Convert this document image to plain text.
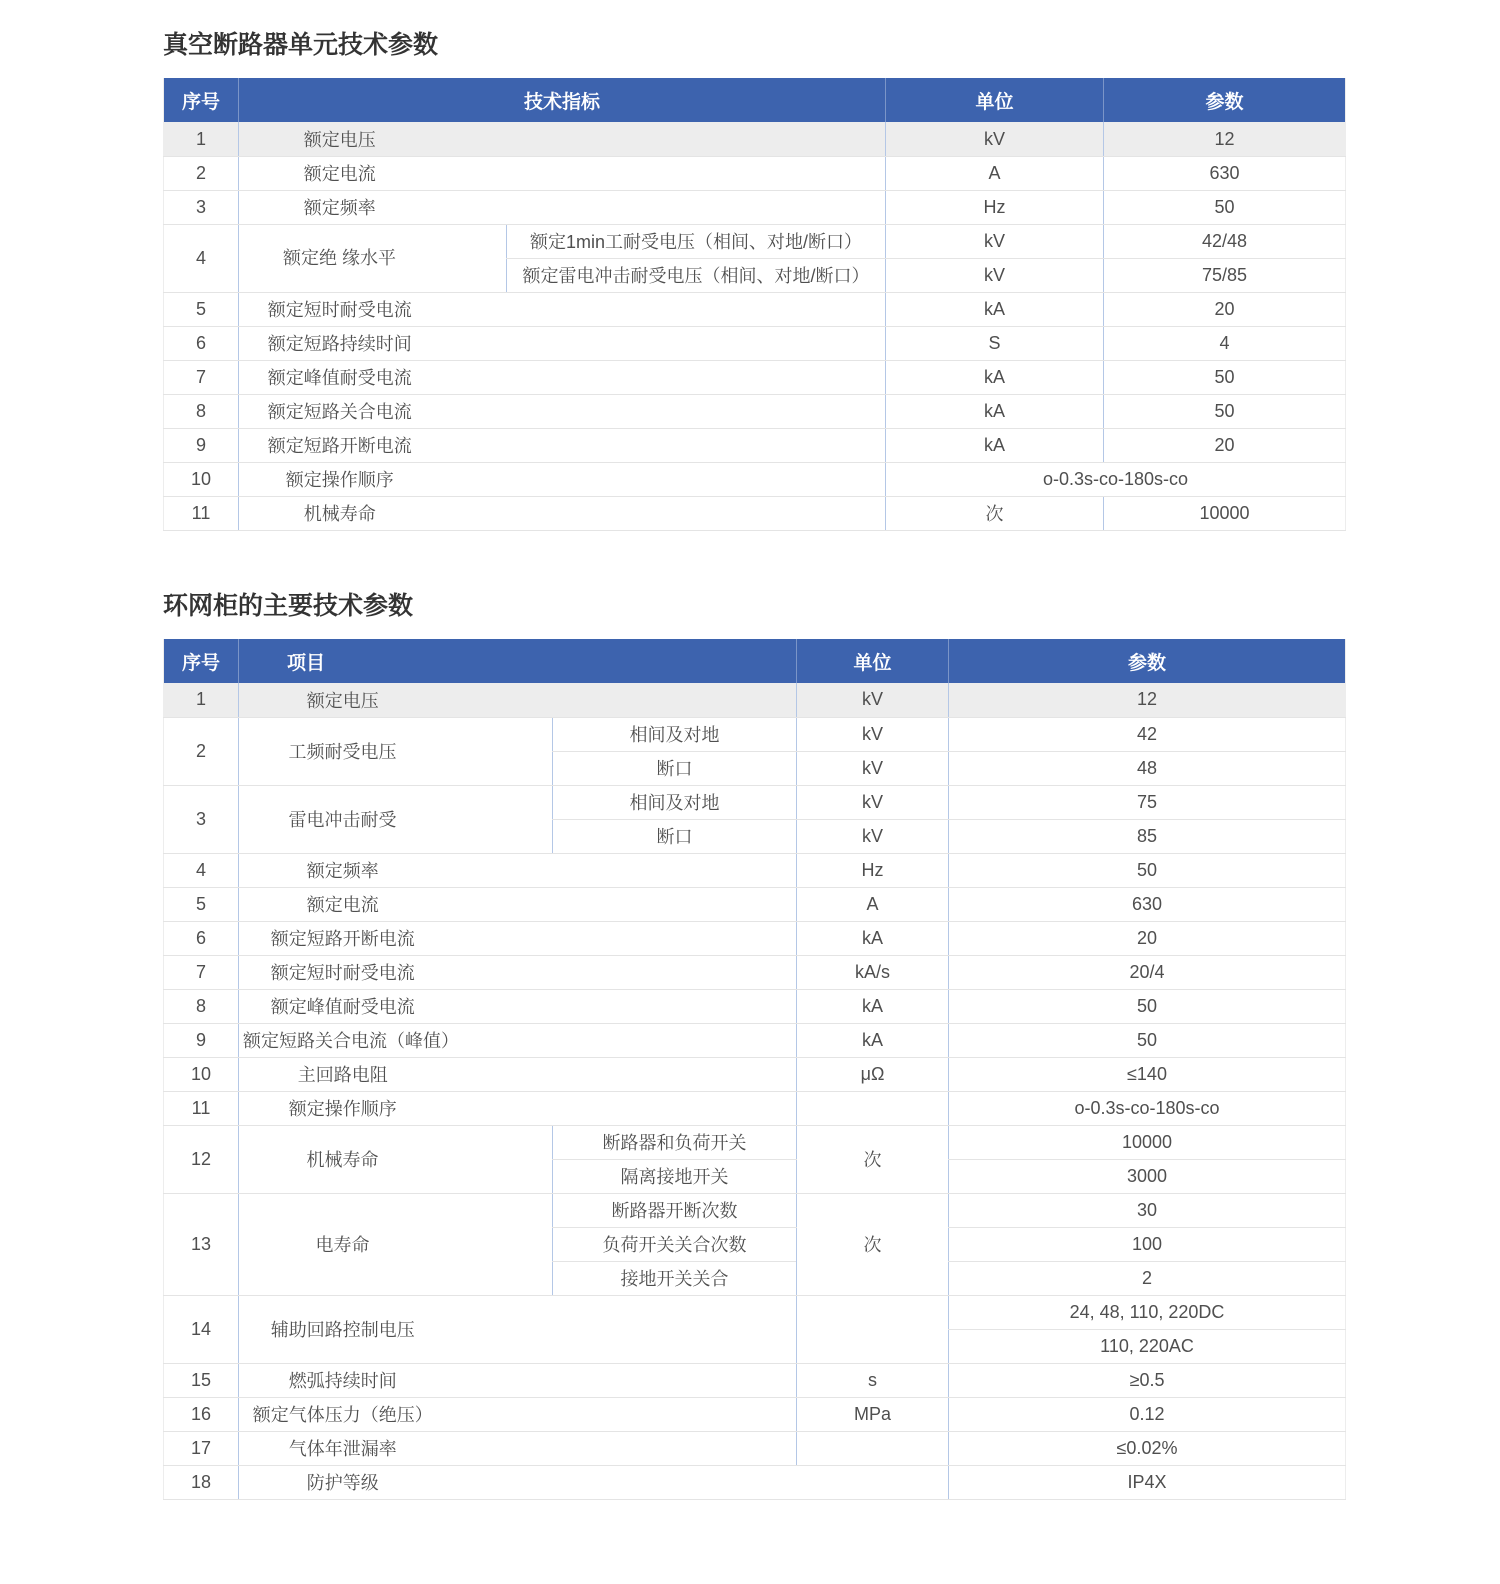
真空断路器单元技术参数
序号	技术指标		单位	参数
1	额定电压		kV	12
2	额定电流		A	630
3	额定频率		Hz	50
4	额定绝 缘水平	额定1min工耐受电压（相间、对地/断口）	kV	42/48
		额定雷电冲击耐受电压（相间、对地/断口）	kV	75/85
5	额定短时耐受电流		kA	20
6	额定短路持续时间		S	4
7	额定峰值耐受电流		kA	50
8	额定短路关合电流		kA	50
9	额定短路开断电流		kA	20
10	额定操作顺序		o-0.3s-co-180s-co	
11	机械寿命		次	10000
环网柜的主要技术参数
序号	项目		单位	参数
1	额定电压		kV	12
2	工频耐受电压	相间及对地	kV	42
		断口	kV	48
3	雷电冲击耐受	相间及对地	kV	75
		断口	kV	85
4	额定频率		Hz	50
5	额定电流		A	630
6	额定短路开断电流		kA	20
7	额定短时耐受电流		kA/s	20/4
8	额定峰值耐受电流		kA	50
9	额定短路关合电流（峰值）		kA	50
10	主回路电阻		μΩ	≤140
11	额定操作顺序			o-0.3s-co-180s-co
12	机械寿命	断路器和负荷开关	次	10000
		隔离接地开关		3000
13	电寿命	断路器开断次数	次	30
		负荷开关关合次数		100
		接地开关关合		2
14	辅助回路控制电压			24, 48, 110, 220DC
				110, 220AC
15	燃弧持续时间		s	≥0.5
16	额定气体压力（绝压）		MPa	0.12
17	气体年泄漏率			≤0.02%
18	防护等级			IP4X
